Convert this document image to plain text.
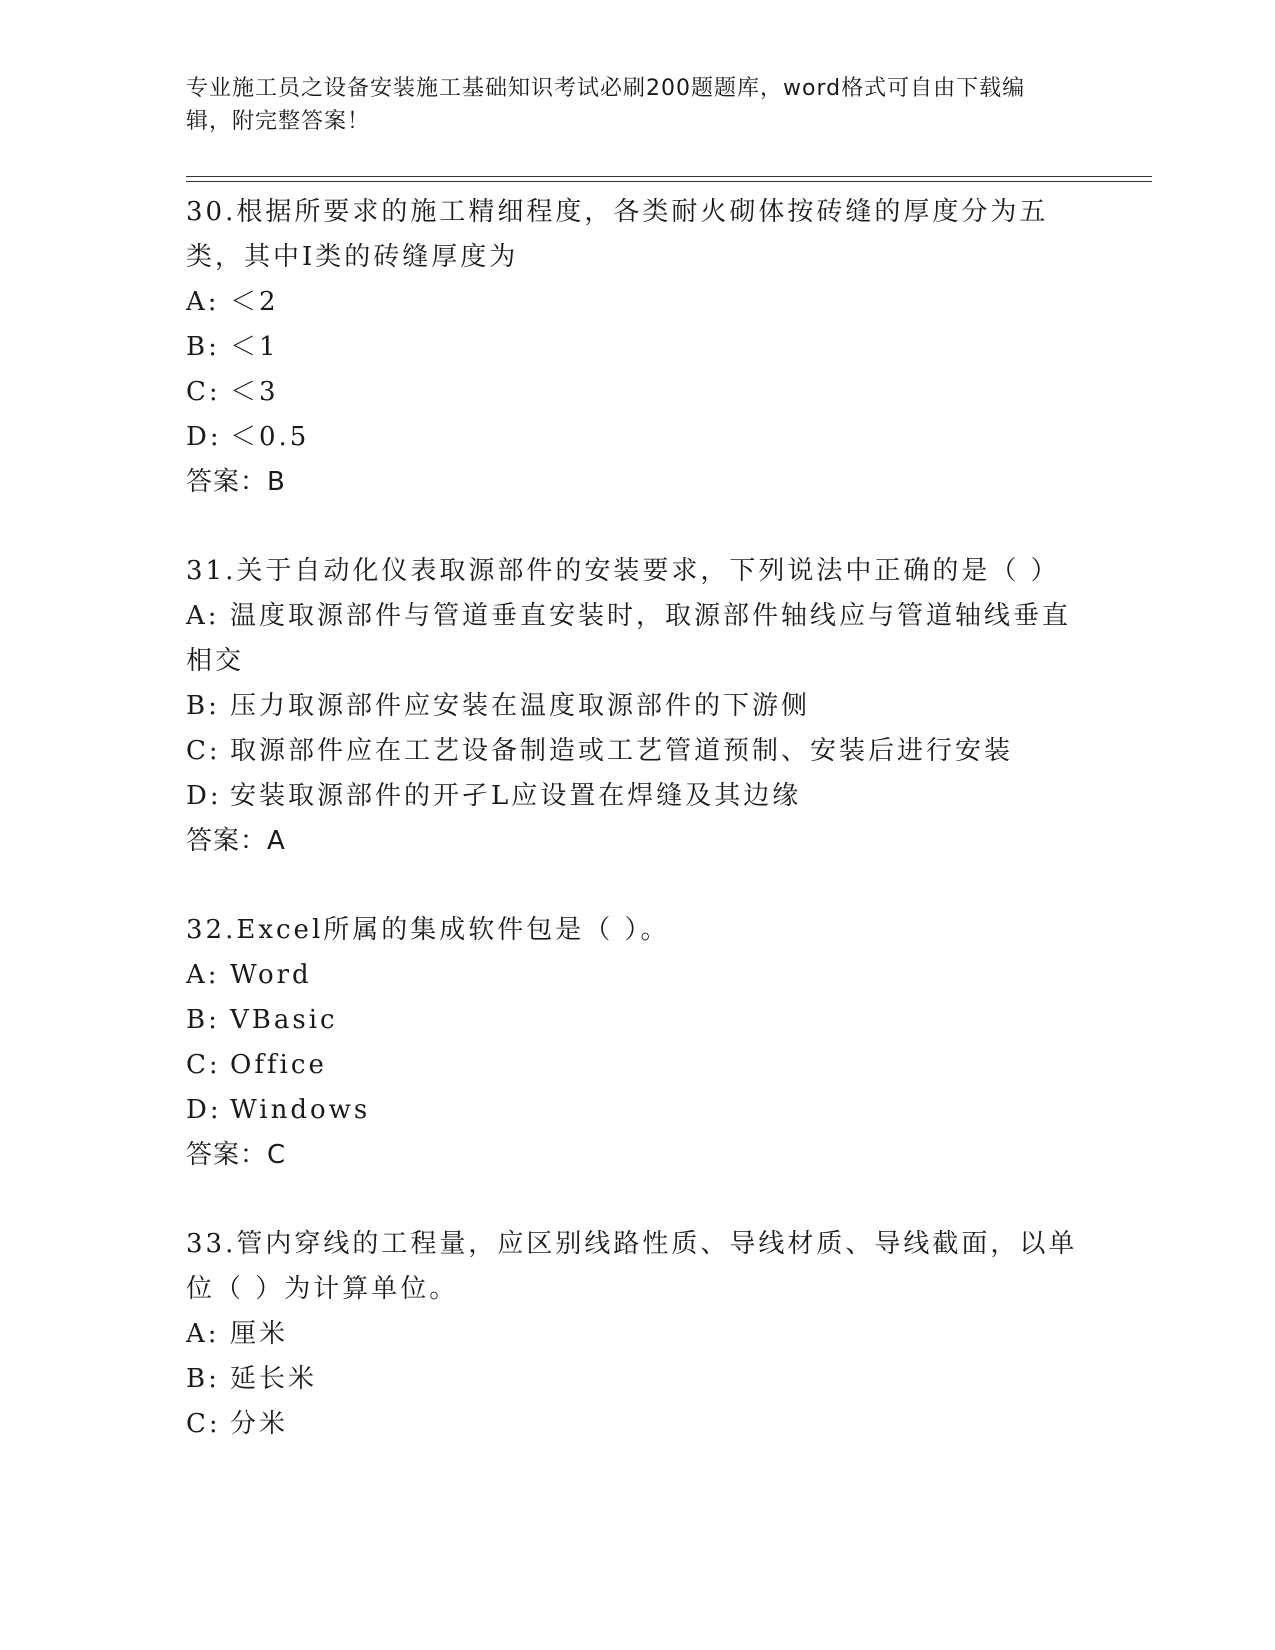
专业施工员之设备安装施工基础知识考试必刷200题题库，word格式可自由下载编辑，附完整答案！
30.根据所要求的施工精细程度，各类耐火砌体按砖缝的厚度分为五类，其中Ⅰ类的砖缝厚度为
A: ＜2
B: ＜1
C: ＜3
D: ＜0.5
答案：B
31.关于自动化仪表取源部件的安装要求，下列说法中正确的是（ ）
A: 温度取源部件与管道垂直安装时，取源部件轴线应与管道轴线垂直相交
B: 压力取源部件应安装在温度取源部件的下游侧
C: 取源部件应在工艺设备制造或工艺管道预制、安装后进行安装
D: 安装取源部件的开孑L应设置在焊缝及其边缘
答案：A
32.Excel所属的集成软件包是（ ）。
A: Word
B: VBasic
C: Office
D: Windows
答案：C
33.管内穿线的工程量，应区别线路性质、导线材质、导线截面，以单位（ ）为计算单位。
A: 厘米
B: 延长米
C: 分米
